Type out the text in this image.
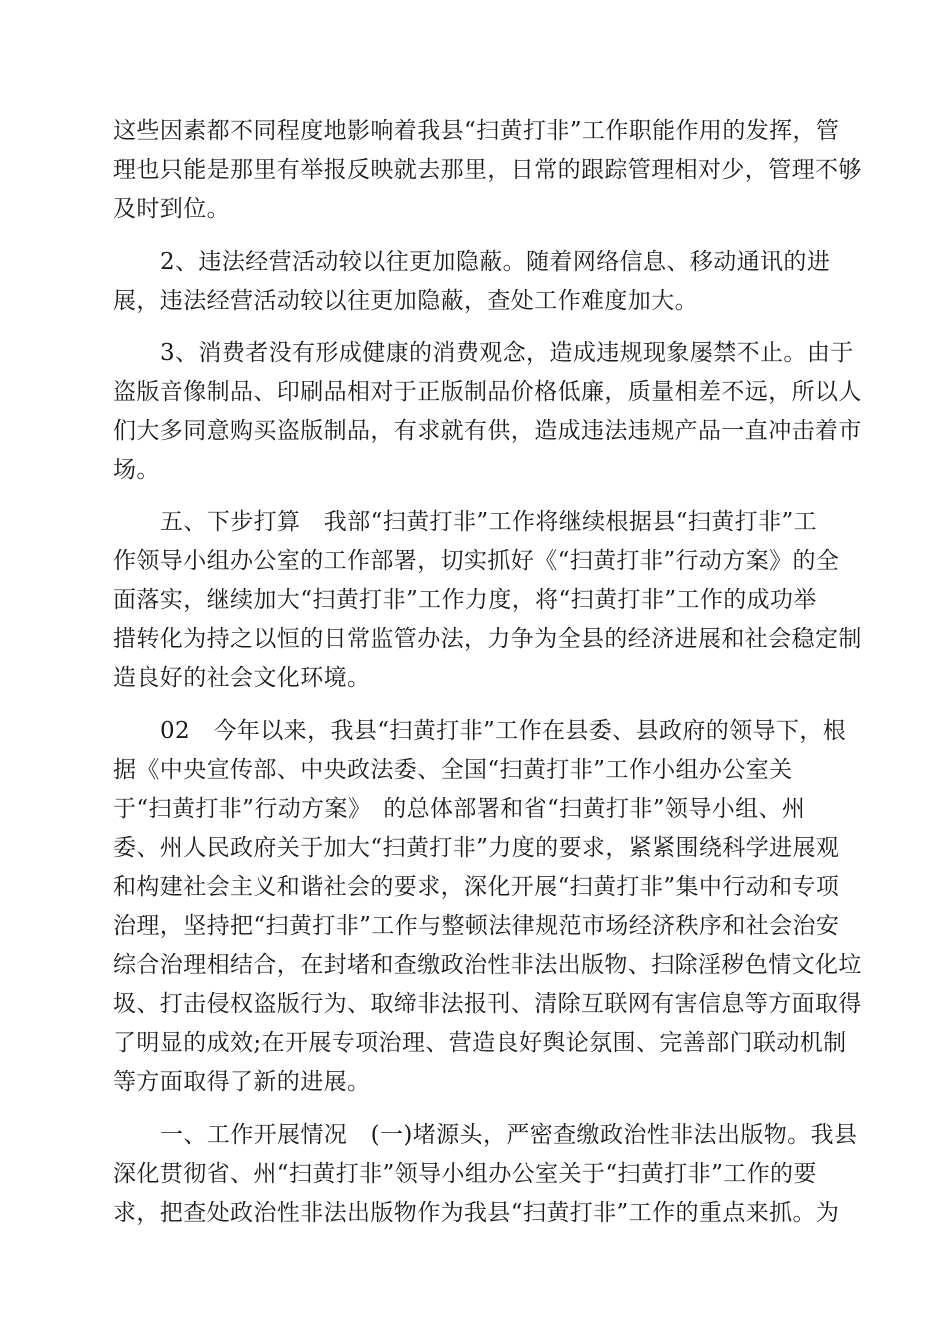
这些因素都不同程度地影响着我县“扫黄打非”工作职能作用的发挥，管
理也只能是那里有举报反映就去那里，日常的跟踪管理相对少，管理不够
及时到位。
2、违法经营活动较以往更加隐蔽。随着网络信息、移动通讯的进
展，违法经营活动较以往更加隐蔽，查处工作难度加大。
3、消费者没有形成健康的消费观念，造成违规现象屡禁不止。由于
盗版音像制品、印刷品相对于正版制品价格低廉，质量相差不远，所以人
们大多同意购买盗版制品，有求就有供，造成违法违规产品一直冲击着市
场。
五、下步打算　我部“扫黄打非”工作将继续根据县“扫黄打非”工
作领导小组办公室的工作部署，切实抓好《“扫黄打非”行动方案》的全
面落实，继续加大“扫黄打非”工作力度，将“扫黄打非”工作的成功举
措转化为持之以恒的日常监管办法，力争为全县的经济进展和社会稳定制
造良好的社会文化环境。
02　今年以来，我县“扫黄打非”工作在县委、县政府的领导下，根
据《中央宣传部、中央政法委、全国“扫黄打非”工作小组办公室关
于“扫黄打非”行动方案》　的总体部署和省“扫黄打非”领导小组、州
委、州人民政府关于加大“扫黄打非”力度的要求，紧紧围绕科学进展观
和构建社会主义和谐社会的要求，深化开展“扫黄打非”集中行动和专项
治理，坚持把“扫黄打非”工作与整顿法律规范市场经济秩序和社会治安
综合治理相结合，在封堵和查缴政治性非法出版物、扫除淫秽色情文化垃
圾、打击侵权盗版行为、取缔非法报刊、清除互联网有害信息等方面取得
了明显的成效;在开展专项治理、营造良好舆论氛围、完善部门联动机制
等方面取得了新的进展。
一、工作开展情况　(一)堵源头，严密查缴政治性非法出版物。我县
深化贯彻省、州“扫黄打非”领导小组办公室关于“扫黄打非”工作的要
求，把查处政治性非法出版物作为我县“扫黄打非”工作的重点来抓。为
